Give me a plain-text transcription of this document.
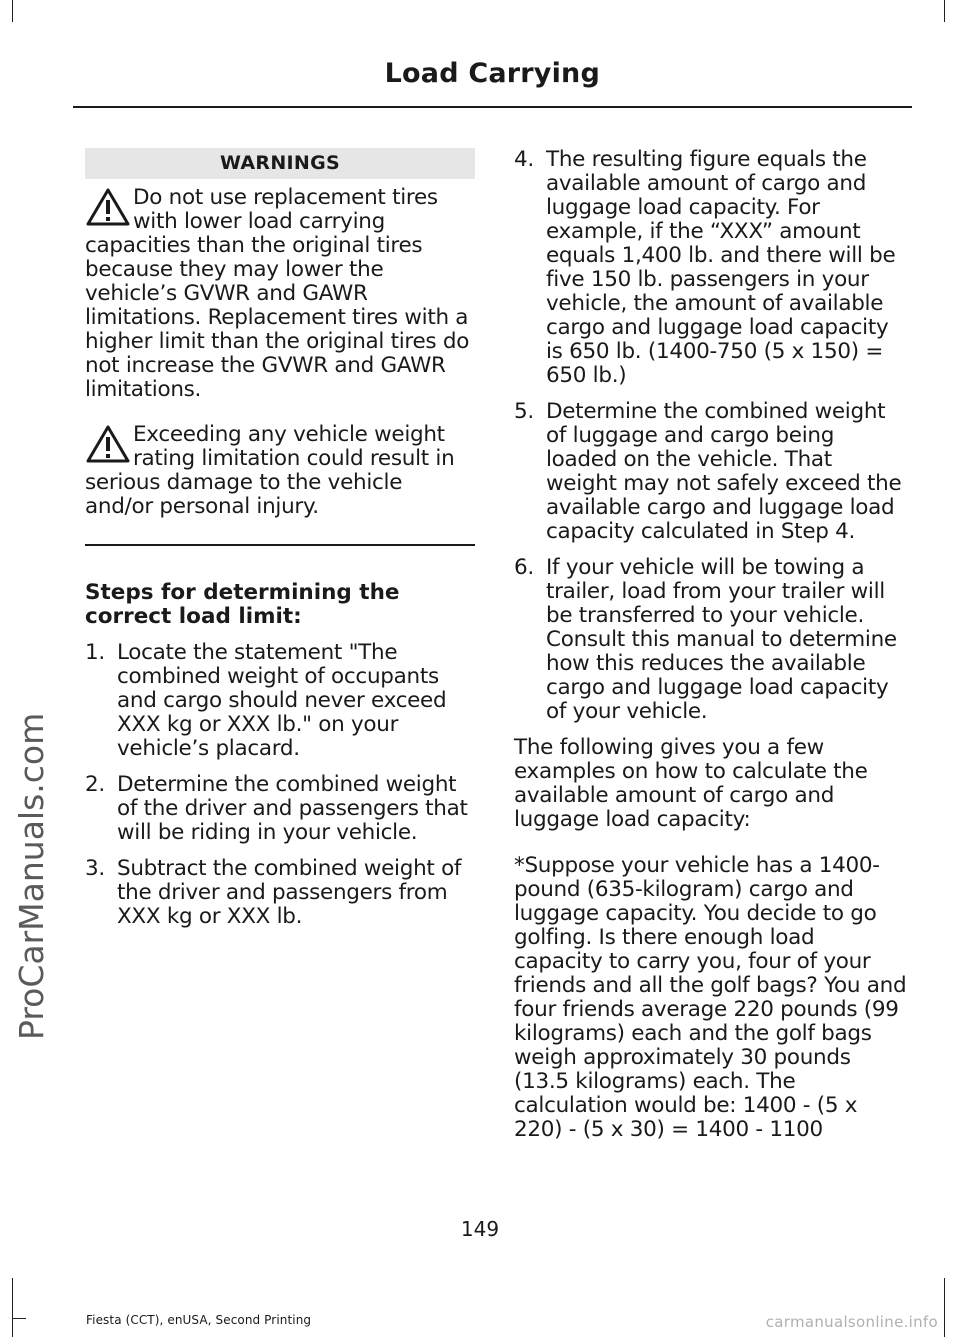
Load Carrying
ProCarManuals.com
WARNINGS
Do not use replacement tires with lower load carrying capacities than the original tires because they may lower the vehicle’s GVWR and GAWR limitations. Replacement tires with a higher limit than the original tires do not increase the GVWR and GAWR limitations.
Exceeding any vehicle weight rating limitation could result in serious damage to the vehicle and/or personal injury.
Steps for determining the correct load limit:
1. Locate the statement "The combined weight of occupants and cargo should never exceed XXX kg or XXX lb." on your vehicle’s placard.
2. Determine the combined weight of the driver and passengers that will be riding in your vehicle.
3. Subtract the combined weight of the driver and passengers from XXX kg or XXX lb.
4. The resulting figure equals the available amount of cargo and luggage load capacity. For example, if the “XXX” amount equals 1,400 lb. and there will be five 150 lb. passengers in your vehicle, the amount of available cargo and luggage load capacity is 650 lb. (1400-750 (5 x 150) = 650 lb.)
5. Determine the combined weight of luggage and cargo being loaded on the vehicle. That weight may not safely exceed the available cargo and luggage load capacity calculated in Step 4.
6. If your vehicle will be towing a trailer, load from your trailer will be transferred to your vehicle. Consult this manual to determine how this reduces the available cargo and luggage load capacity of your vehicle.

The following gives you a few examples on how to calculate the available amount of cargo and luggage load capacity:

*Suppose your vehicle has a 1400-pound (635-kilogram) cargo and luggage capacity. You decide to go golfing. Is there enough load capacity to carry you, four of your friends and all the golf bags? You and four friends average 220 pounds (99 kilograms) each and the golf bags weigh approximately 30 pounds (13.5 kilograms) each. The calculation would be: 1400 - (5 x 220) - (5 x 30) = 1400 - 1100

149
Fiesta (CCT), enUSA, Second Printing	carmanualsonline.info
